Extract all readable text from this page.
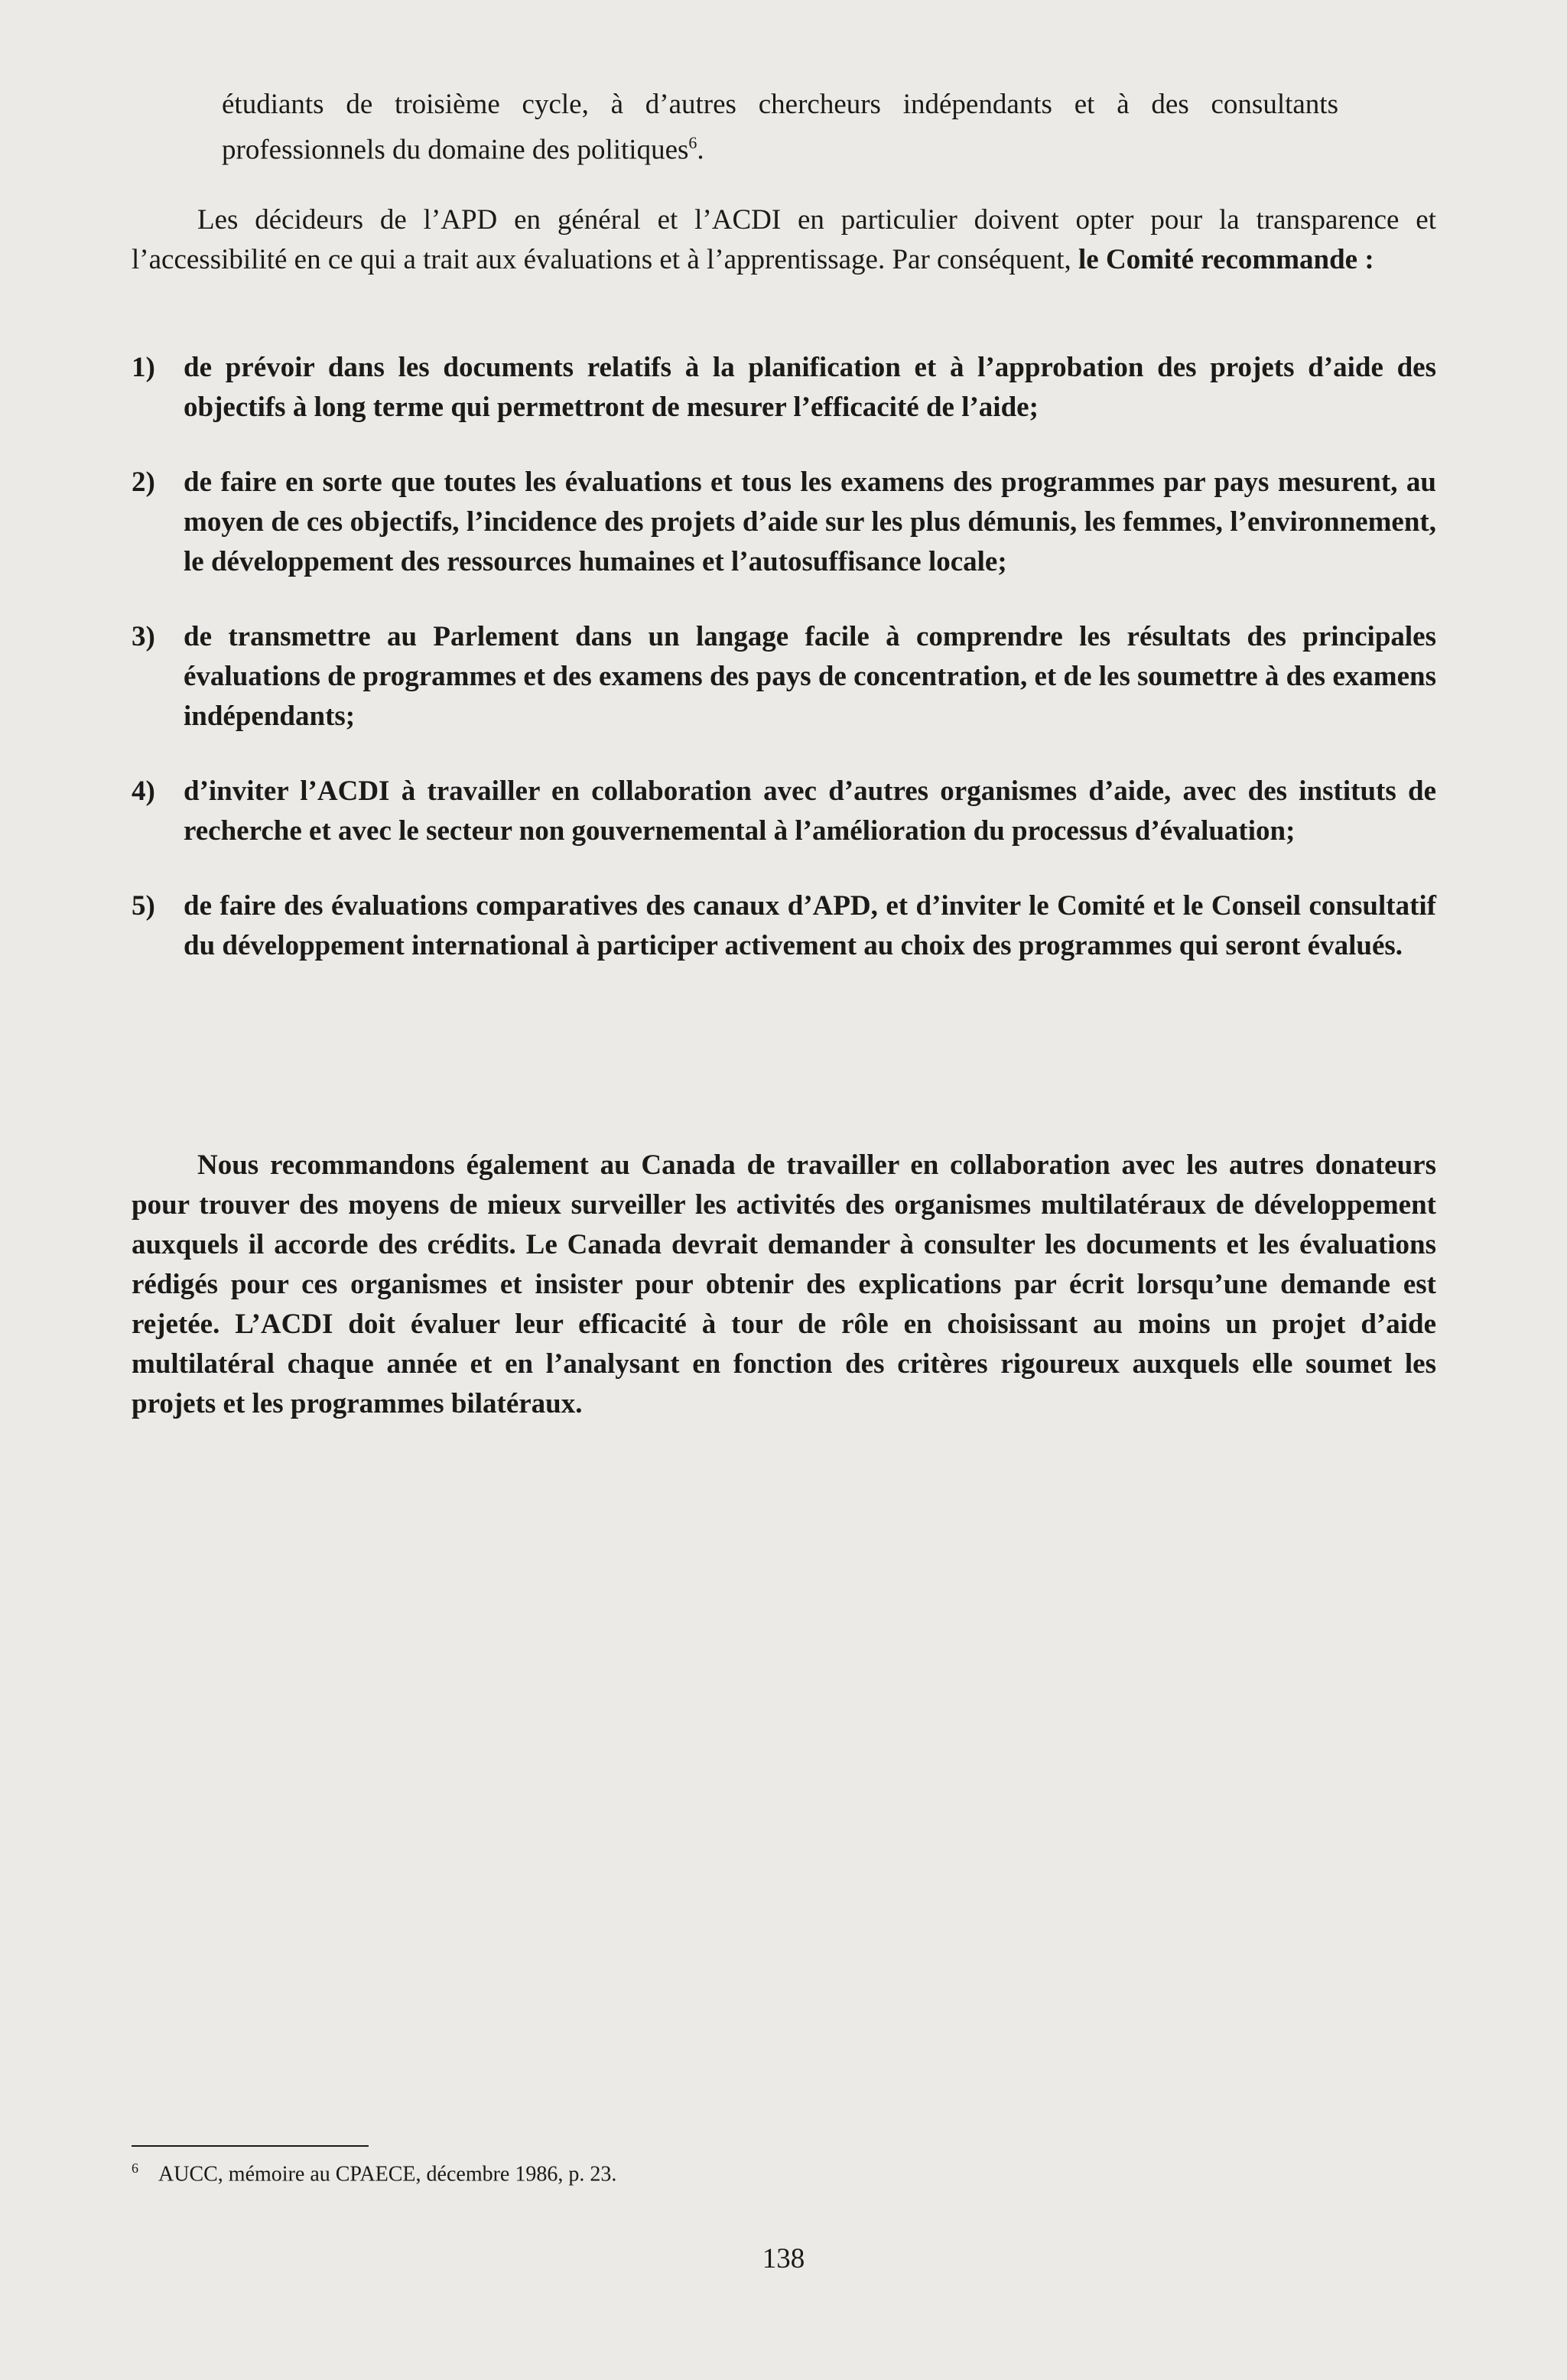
étudiants de troisième cycle, à d’autres chercheurs indépendants et à des consultants professionnels du domaine des politiques$^6$.

Les décideurs de l’APD en général et l’ACDI en particulier doivent opter pour la transparence et l’accessibilité en ce qui a trait aux évaluations et à l’apprentissage. Par conséquent, le Comité recommande :

1)	de prévoir dans les documents relatifs à la planification et à l’approbation des projets d’aide des objectifs à long terme qui permettront de mesurer l’efficacité de l’aide;
2)	de faire en sorte que toutes les évaluations et tous les examens des programmes par pays mesurent, au moyen de ces objectifs, l’incidence des projets d’aide sur les plus démunis, les femmes, l’environnement, le développement des ressources humaines et l’autosuffisance locale;
3)	de transmettre au Parlement dans un langage facile à comprendre les résultats des principales évaluations de programmes et des examens des pays de concentration, et de les soumettre à des examens indépendants;
4)	d’inviter l’ACDI à travailler en collaboration avec d’autres organismes d’aide, avec des instituts de recherche et avec le secteur non gouvernemental à l’amélioration du processus d’évaluation;
5)	de faire des évaluations comparatives des canaux d’APD, et d’inviter le Comité et le Conseil consultatif du développement international à participer activement au choix des programmes qui seront évalués.

Nous recommandons également au Canada de travailler en collaboration avec les autres donateurs pour trouver des moyens de mieux surveiller les activités des organismes multilatéraux de développement auxquels il accorde des crédits. Le Canada devrait demander à consulter les documents et les évaluations rédigés pour ces organismes et insister pour obtenir des explications par écrit lorsqu’une demande est rejetée. L’ACDI doit évaluer leur efficacité à tour de rôle en choisissant au moins un projet d’aide multilatéral chaque année et en l’analysant en fonction des critères rigoureux auxquels elle soumet les projets et les programmes bilatéraux.

$^6$ AUCC, mémoire au CPAECE, décembre 1986, p. 23.
138
